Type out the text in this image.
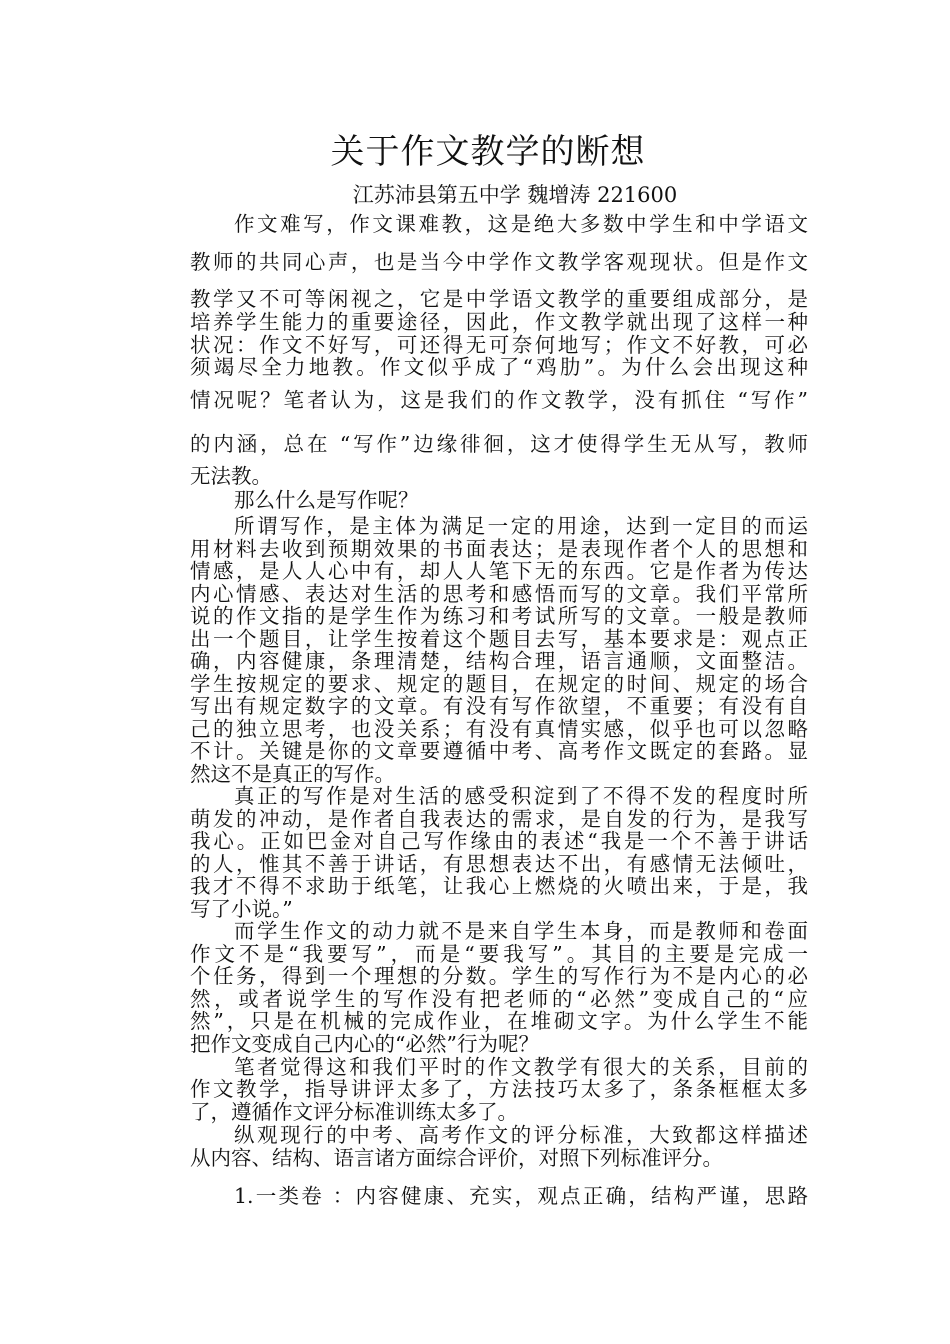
关于作文教学的断想

江苏沛县第五中学 魏增涛 221600

作文难写，作文课难教，这是绝大多数中学生和中学语文
教师的共同心声，也是当今中学作文教学客观现状。但是作文
教学又不可等闲视之，它是中学语文教学的重要组成部分，是
培养学生能力的重要途径，因此，作文教学就出现了这样一种
状况：作文不好写，可还得无可奈何地写；作文不好教，可必
须竭尽全力地教。作文似乎成了“鸡肋”。为什么会出现这种
情况呢？笔者认为，这是我们的作文教学，没有抓住 “写作”
的内涵，总在 “写作”边缘徘徊，这才使得学生无从写，教师
无法教。
那么什么是写作呢？
所谓写作，是主体为满足一定的用途，达到一定目的而运
用材料去收到预期效果的书面表达；是表现作者个人的思想和
情感，是人人心中有，却人人笔下无的东西。它是作者为传达
内心情感、表达对生活的思考和感悟而写的文章。我们平常所
说的作文指的是学生作为练习和考试所写的文章。一般是教师
出一个题目，让学生按着这个题目去写，基本要求是：观点正
确，内容健康，条理清楚，结构合理，语言通顺，文面整洁。
学生按规定的要求、规定的题目，在规定的时间、规定的场合
写出有规定数字的文章。有没有写作欲望，不重要；有没有自
己的独立思考，也没关系；有没有真情实感，似乎也可以忽略
不计。关键是你的文章要遵循中考、高考作文既定的套路。显
然这不是真正的写作。
真正的写作是对生活的感受积淀到了不得不发的程度时所
萌发的冲动，是作者自我表达的需求，是自发的行为，是我写
我心。正如巴金对自己写作缘由的表述“我是一个不善于讲话
的人，惟其不善于讲话，有思想表达不出，有感情无法倾吐，
我才不得不求助于纸笔，让我心上燃烧的火喷出来，于是，我
写了小说。”
而学生作文的动力就不是来自学生本身，而是教师和卷面
作文不是“我要写”，而是“要我写”。其目的主要是完成一
个任务，得到一个理想的分数。学生的写作行为不是内心的必
然，或者说学生的写作没有把老师的“必然”变成自己的“应
然”，只是在机械的完成作业，在堆砌文字。为什么学生不能
把作文变成自己内心的“必然”行为呢？
笔者觉得这和我们平时的作文教学有很大的关系，目前的
作文教学，指导讲评太多了，方法技巧太多了，条条框框太多
了，遵循作文评分标准训练太多了。
纵观现行的中考、高考作文的评分标准，大致都这样描述
从内容、结构、语言诸方面综合评价，对照下列标准评分。
1.一类卷 ：内容健康、充实，观点正确，结构严谨，思路
